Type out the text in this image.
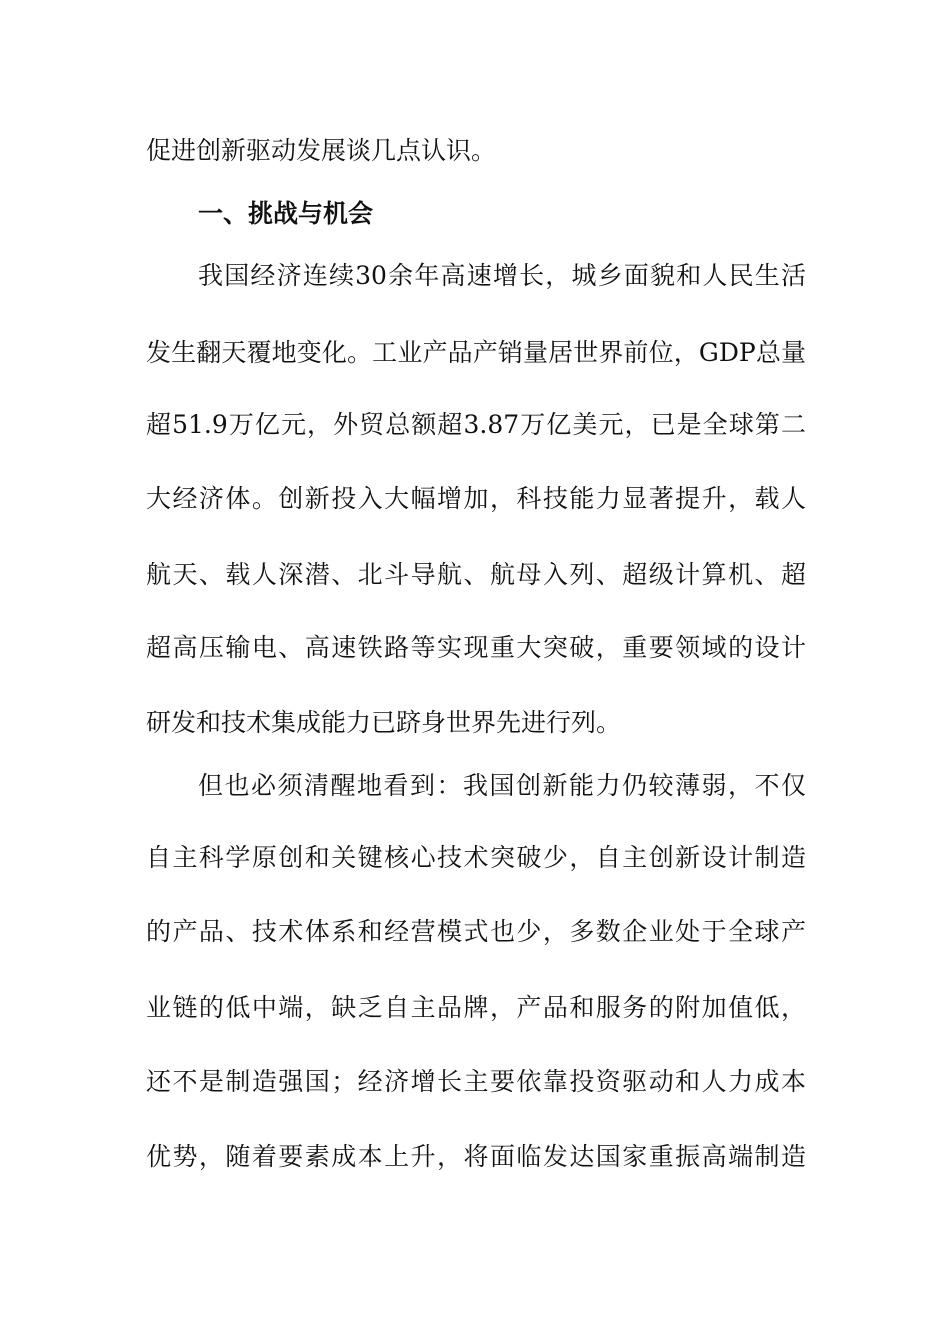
促进创新驱动发展谈几点认识。
一、挑战与机会
我国经济连续30余年高速增长，城乡面貌和人民生活
发生翻天覆地变化。工业产品产销量居世界前位，GDP总量
超51.9万亿元，外贸总额超3.87万亿美元，已是全球第二
大经济体。创新投入大幅增加，科技能力显著提升，载人
航天、载人深潜、北斗导航、航母入列、超级计算机、超
超高压输电、高速铁路等实现重大突破，重要领域的设计
研发和技术集成能力已跻身世界先进行列。
但也必须清醒地看到：我国创新能力仍较薄弱，不仅
自主科学原创和关键核心技术突破少，自主创新设计制造
的产品、技术体系和经营模式也少，多数企业处于全球产
业链的低中端，缺乏自主品牌，产品和服务的附加值低，
还不是制造强国；经济增长主要依靠投资驱动和人力成本
优势，随着要素成本上升，将面临发达国家重振高端制造
